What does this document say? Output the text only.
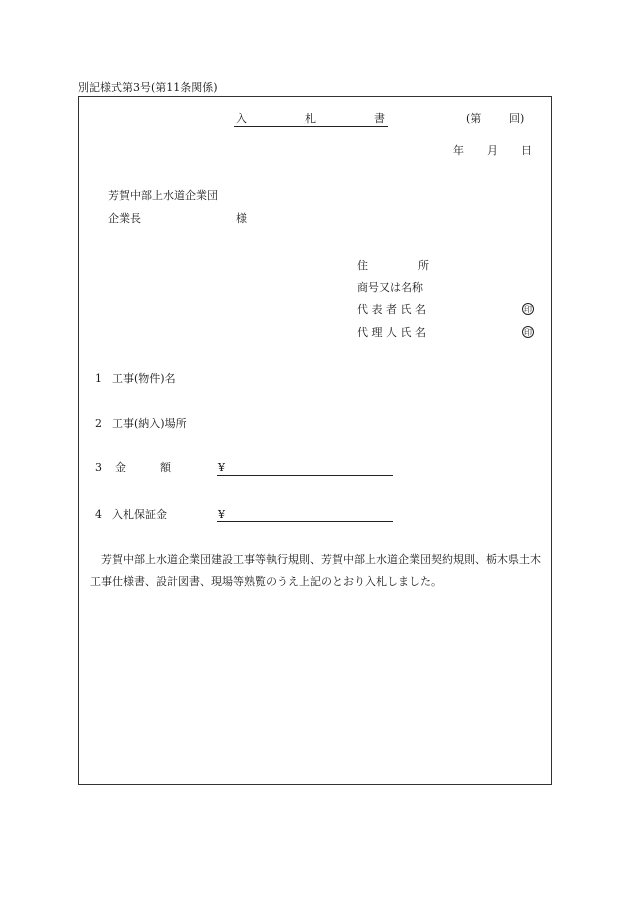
別記様式第3号(第11条関係)
入	札	書	(第	回)
年 月 日
芳賀中部上水道企業団
企業長	様
住	所
商号又は名称
代 表 者 氏 名	印
代 理 人 氏 名	印
1 工事(物件)名
2 工事(納入)場所
3 金	額	¥
4 入札保証金	¥
　芳賀中部上水道企業団建設工事等執行規則、芳賀中部上水道企業団契約規則、栃木県土木工事仕様書、設計図書、現場等熟覧のうえ上記のとおり入札しました。
